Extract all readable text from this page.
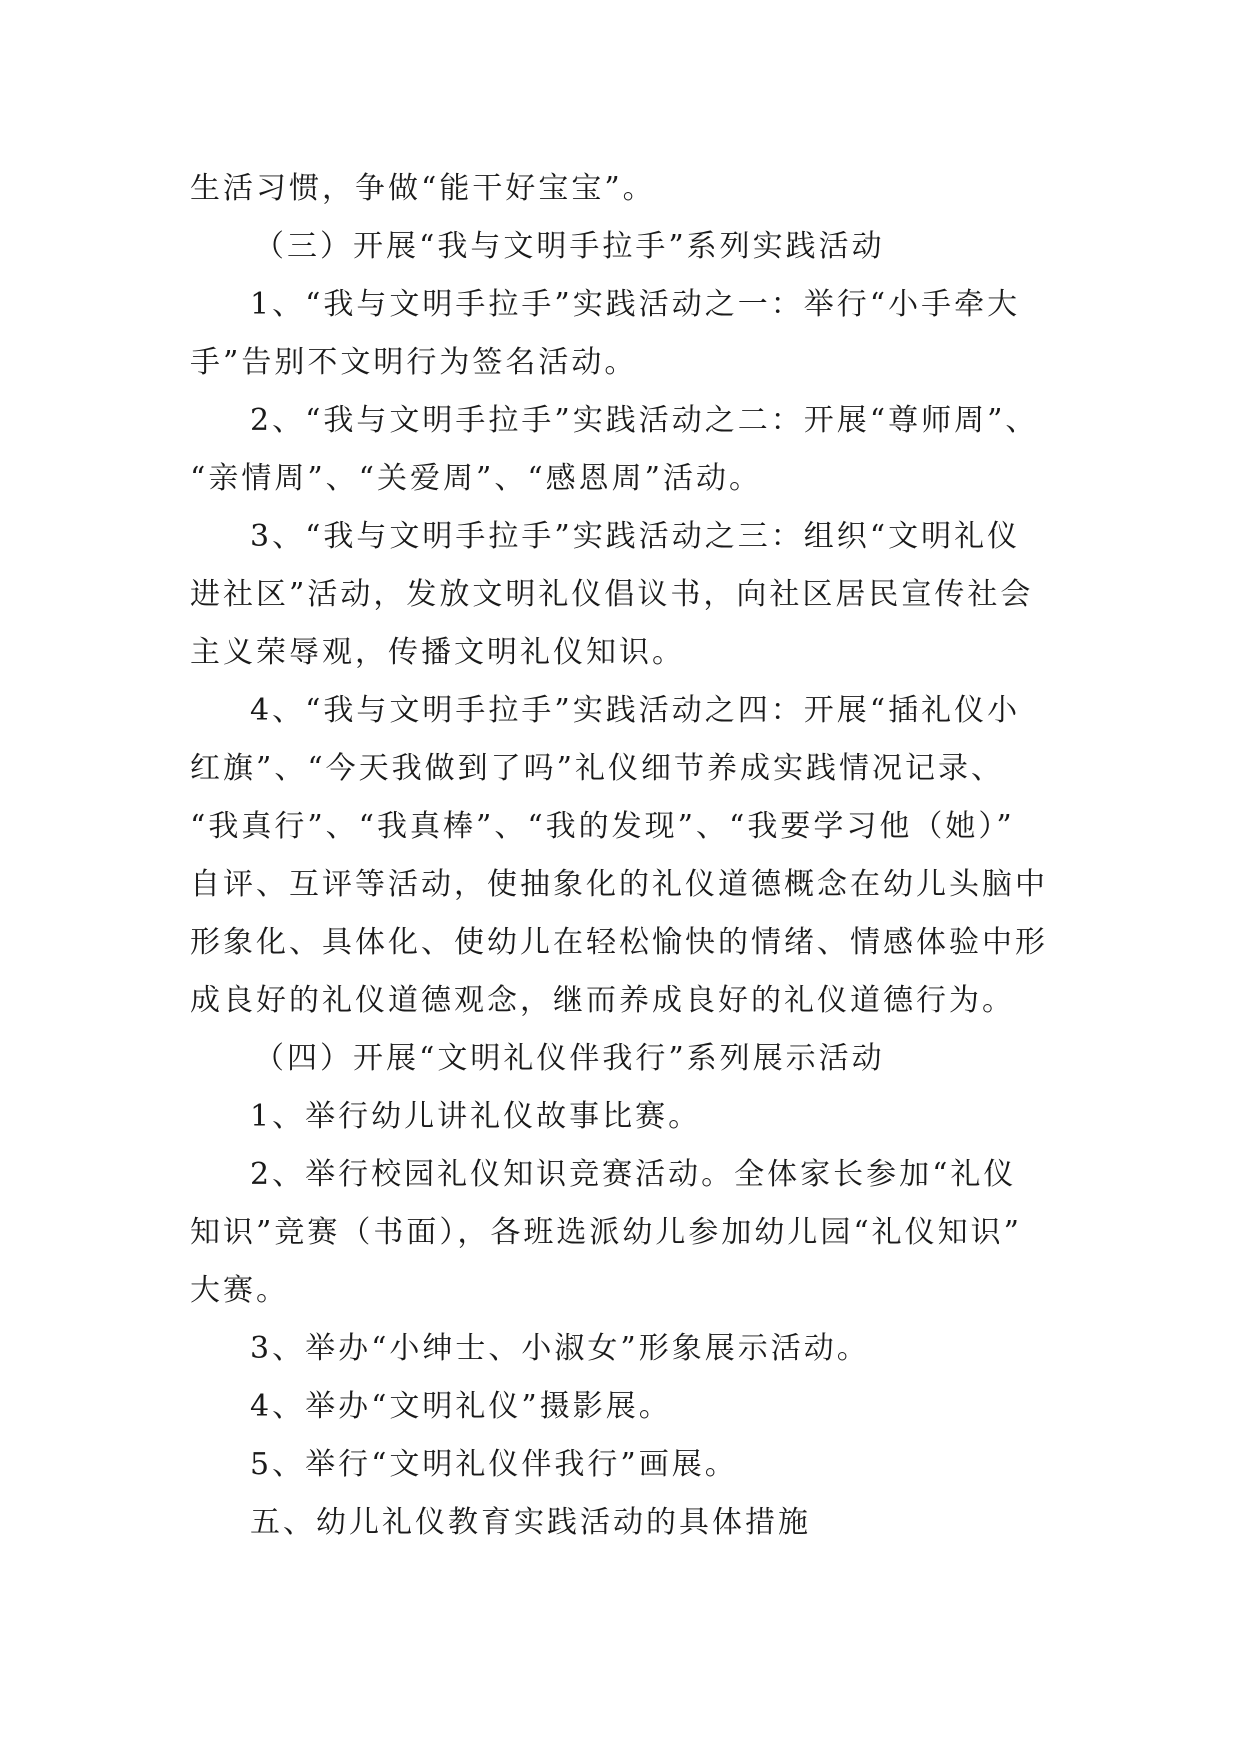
生活习惯，争做“能干好宝宝”。
（三）开展“我与文明手拉手”系列实践活动
1、“我与文明手拉手”实践活动之一：举行“小手牵大
手”告别不文明行为签名活动。
2、“我与文明手拉手”实践活动之二：开展“尊师周”、
“亲情周”、“关爱周”、“感恩周”活动。
3、“我与文明手拉手”实践活动之三：组织“文明礼仪
进社区”活动，发放文明礼仪倡议书，向社区居民宣传社会
主义荣辱观，传播文明礼仪知识。
4、“我与文明手拉手”实践活动之四：开展“插礼仪小
红旗”、“今天我做到了吗”礼仪细节养成实践情况记录、
“我真行”、“我真棒”、“我的发现”、“我要学习他（她）”
自评、互评等活动，使抽象化的礼仪道德概念在幼儿头脑中
形象化、具体化、使幼儿在轻松愉快的情绪、情感体验中形
成良好的礼仪道德观念，继而养成良好的礼仪道德行为。
（四）开展“文明礼仪伴我行”系列展示活动
1、举行幼儿讲礼仪故事比赛。
2、举行校园礼仪知识竞赛活动。全体家长参加“礼仪
知识”竞赛（书面），各班选派幼儿参加幼儿园“礼仪知识”
大赛。
3、举办“小绅士、小淑女”形象展示活动。
4、举办“文明礼仪”摄影展。
5、举行“文明礼仪伴我行”画展。
五、幼儿礼仪教育实践活动的具体措施
